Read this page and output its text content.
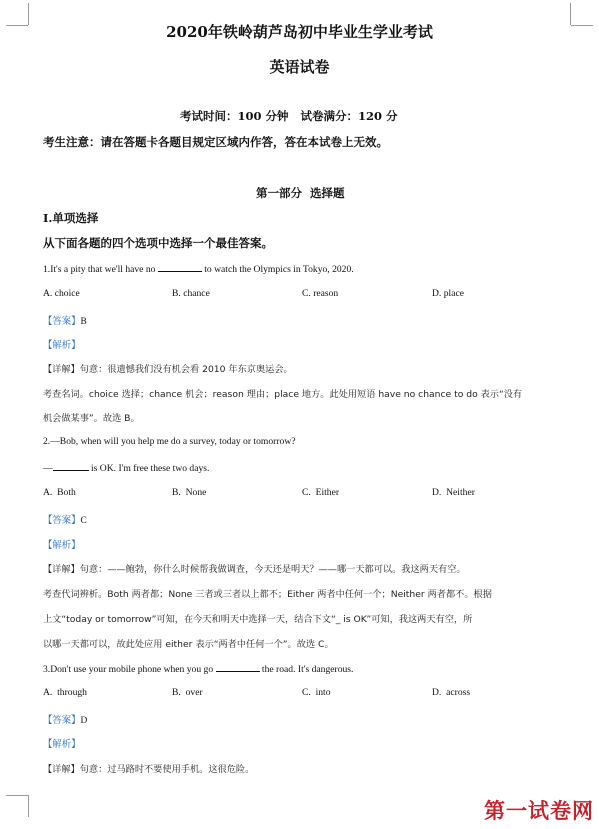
2020年铁岭葫芦岛初中毕业生学业考试
英语试卷
考试时间：100 分钟   试卷满分：120 分
考生注意：请在答题卡各题目规定区域内作答，答在本试卷上无效。
第一部分  选择题
I.单项选择
从下面各题的四个选项中选择一个最佳答案。
1.It's a pity that we'll have no	to watch the Olympics in Tokyo, 2020.
A. choice	B. chance	C. reason	D. place
【答案】B
【解析】
【详解】句意：很遗憾我们没有机会看 2010 年东京奥运会。
考查名词。choice 选择；chance 机会；reason 理由；place 地方。此处用短语 have no chance to do 表示“没有
机会做某事”。故选 B。
2.—Bob, when will you help me do a survey, today or tomorrow?
—	is OK. I'm free these two days.
A.  Both	B.  None	C.  Either	D.  Neither
【答案】C
【解析】
【详解】句意：——鲍勃，你什么时候帮我做调查，今天还是明天？——哪一天都可以。我这两天有空。
考查代词辨析。Both 两者都；None 三者或三者以上都不；Either 两者中任何一个；Neither 两者都不。根据
上文“today or tomorrow”可知，在今天和明天中选择一天，结合下文“_ is OK”可知，我这两天有空，所
以哪一天都可以，故此处应用 either 表示“两者中任何一个”。故选 C。
3.Don't use your mobile phone when you go	the road. It's dangerous.
A.  through	B.  over	C.  into	D.  across
【答案】D
【解析】
【详解】句意：过马路时不要使用手机。这很危险。
第一试卷网
